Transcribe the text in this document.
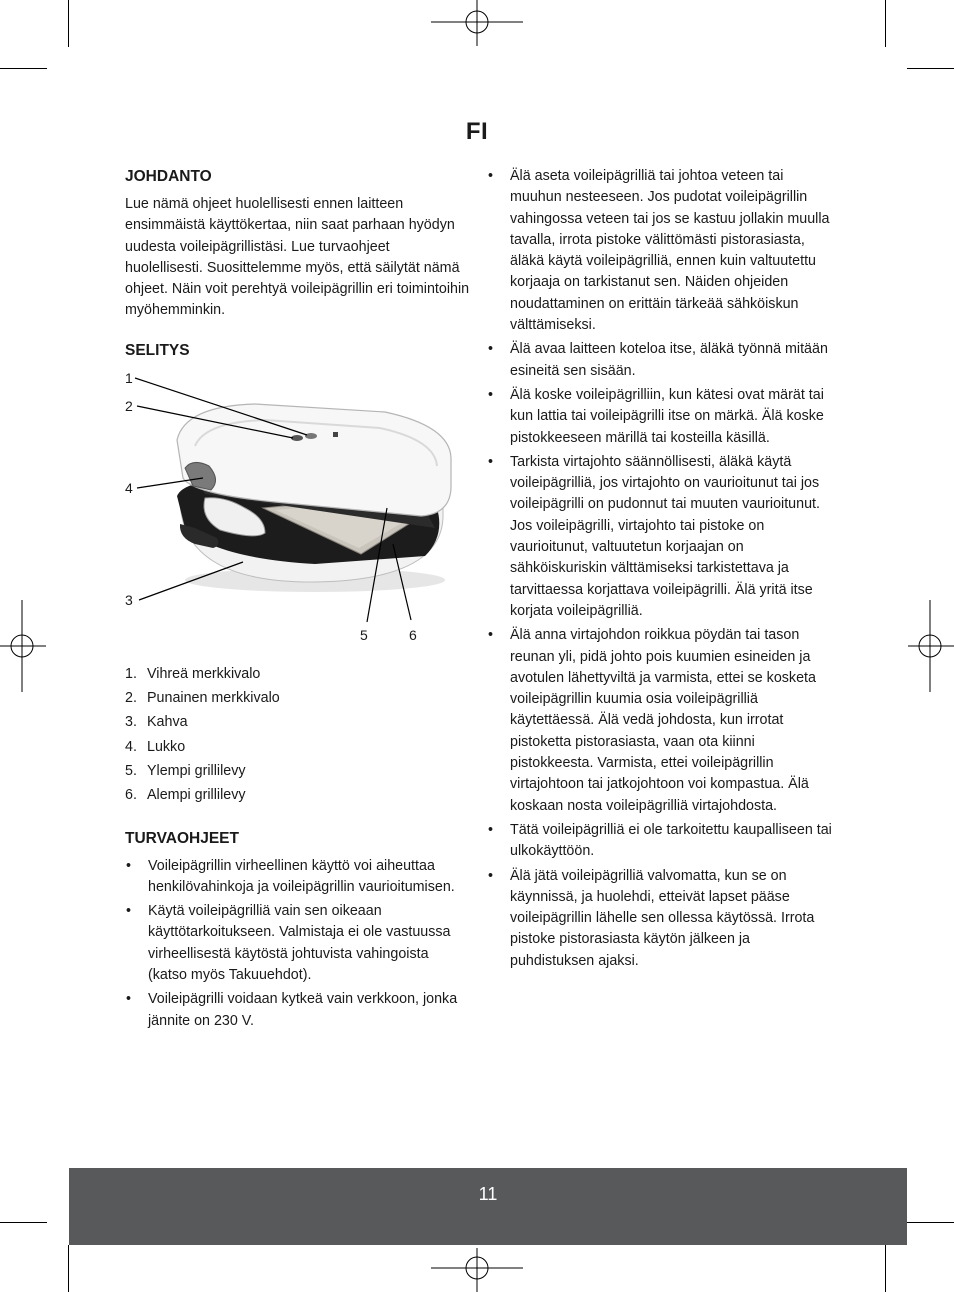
FI
JOHDANTO

Lue nämä ohjeet huolellisesti ennen laitteen ensimmäistä käyttökertaa, niin saat parhaan hyödyn uudesta voileipägrillistäsi. Lue turvaohjeet huolellisesti. Suosittelemme myös, että säilytät nämä ohjeet. Näin voit perehtyä voileipägrillin eri toimintoihin myöhemminkin.

SELITYS
1
2
4
3
5	6
1. Vihreä merkkivalo
2. Punainen merkkivalo
3. Kahva
4. Lukko
5. Ylempi grillilevy
6. Alempi grillilevy
TURVAOHJEET
• Voileipägrillin virheellinen käyttö voi aiheuttaa henkilövahinkoja ja voileipägrillin vaurioitumisen.
• Käytä voileipägrilliä vain sen oikeaan käyttötarkoitukseen. Valmistaja ei ole vastuussa virheellisestä käytöstä johtuvista vahingoista (katso myös Takuuehdot).
• Voileipägrilli voidaan kytkeä vain verkkoon, jonka jännite on 230 V.
• Älä aseta voileipägrilliä tai johtoa veteen tai muuhun nesteeseen. Jos pudotat voileipägrillin vahingossa veteen tai jos se kastuu jollakin muulla tavalla, irrota pistoke välittömästi pistorasiasta, äläkä käytä voileipägrilliä, ennen kuin valtuutettu korjaaja on tarkistanut sen. Näiden ohjeiden noudattaminen on erittäin tärkeää sähköiskun välttämiseksi.
• Älä avaa laitteen koteloa itse, äläkä työnnä mitään esineitä sen sisään.
• Älä koske voileipägrilliin, kun kätesi ovat märät tai kun lattia tai voileipägrilli itse on märkä. Älä koske pistokkeeseen märillä tai kosteilla käsillä.
• Tarkista virtajohto säännöllisesti, äläkä käytä voileipägrilliä, jos virtajohto on vaurioitunut tai jos voileipägrilli on pudonnut tai muuten vaurioitunut. Jos voileipägrilli, virtajohto tai pistoke on vaurioitunut, valtuutetun korjaajan on sähköiskuriskin välttämiseksi tarkistettava ja tarvittaessa korjattava voileipägrilli. Älä yritä itse korjata voileipägrilliä.
• Älä anna virtajohdon roikkua pöydän tai tason reunan yli, pidä johto pois kuumien esineiden ja avotulen lähettyviltä ja varmista, ettei se kosketa voileipägrillin kuumia osia voileipägrilliä käytettäessä. Älä vedä johdosta, kun irrotat pistoketta pistorasiasta, vaan ota kiinni pistokkeesta. Varmista, ettei voileipägrillin virtajohtoon tai jatkojohtoon voi kompastua. Älä koskaan nosta voileipägrilliä virtajohdosta.
• Tätä voileipägrilliä ei ole tarkoitettu kaupalliseen tai ulkokäyttöön.
• Älä jätä voileipägrilliä valvomatta, kun se on käynnissä, ja huolehdi, etteivät lapset pääse voileipägrillin lähelle sen ollessa käytössä. Irrota pistoke pistorasiasta käytön jälkeen ja puhdistuksen ajaksi.
11
